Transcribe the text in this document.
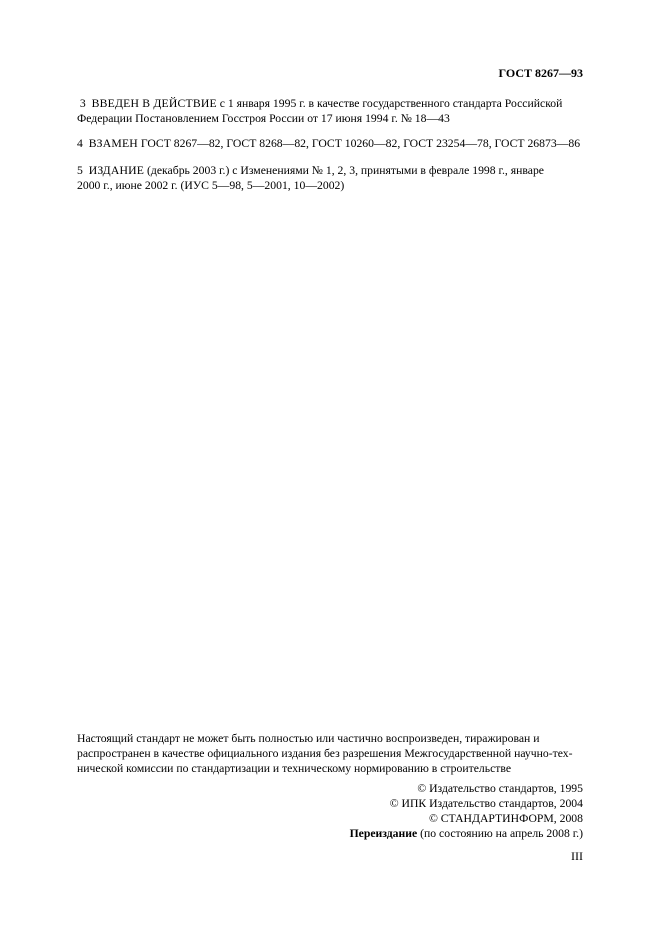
ГОСТ 8267—93
3 ВВЕДЕН В ДЕЙСТВИЕ с 1 января 1995 г. в качестве государственного стандарта Российской
Федерации Постановлением Госстроя России от 17 июня 1994 г. № 18—43
4 ВЗАМЕН ГОСТ 8267—82, ГОСТ 8268—82, ГОСТ 10260—82, ГОСТ 23254—78, ГОСТ 26873—86
5 ИЗДАНИЕ (декабрь 2003 г.) с Изменениями № 1, 2, 3, принятыми в феврале 1998 г., январе
2000 г., июне 2002 г. (ИУС 5—98, 5—2001, 10—2002)
Настоящий стандарт не может быть полностью или частично воспроизведен, тиражирован и
распространен в качестве официального издания без разрешения Межгосударственной научно-тех-
нической комиссии по стандартизации и техническому нормированию в строительстве
© Издательство стандартов, 1995
© ИПК Издательство стандартов, 2004
© СТАНДАРТИНФОРМ, 2008
Переиздание (по состоянию на апрель 2008 г.)
III
